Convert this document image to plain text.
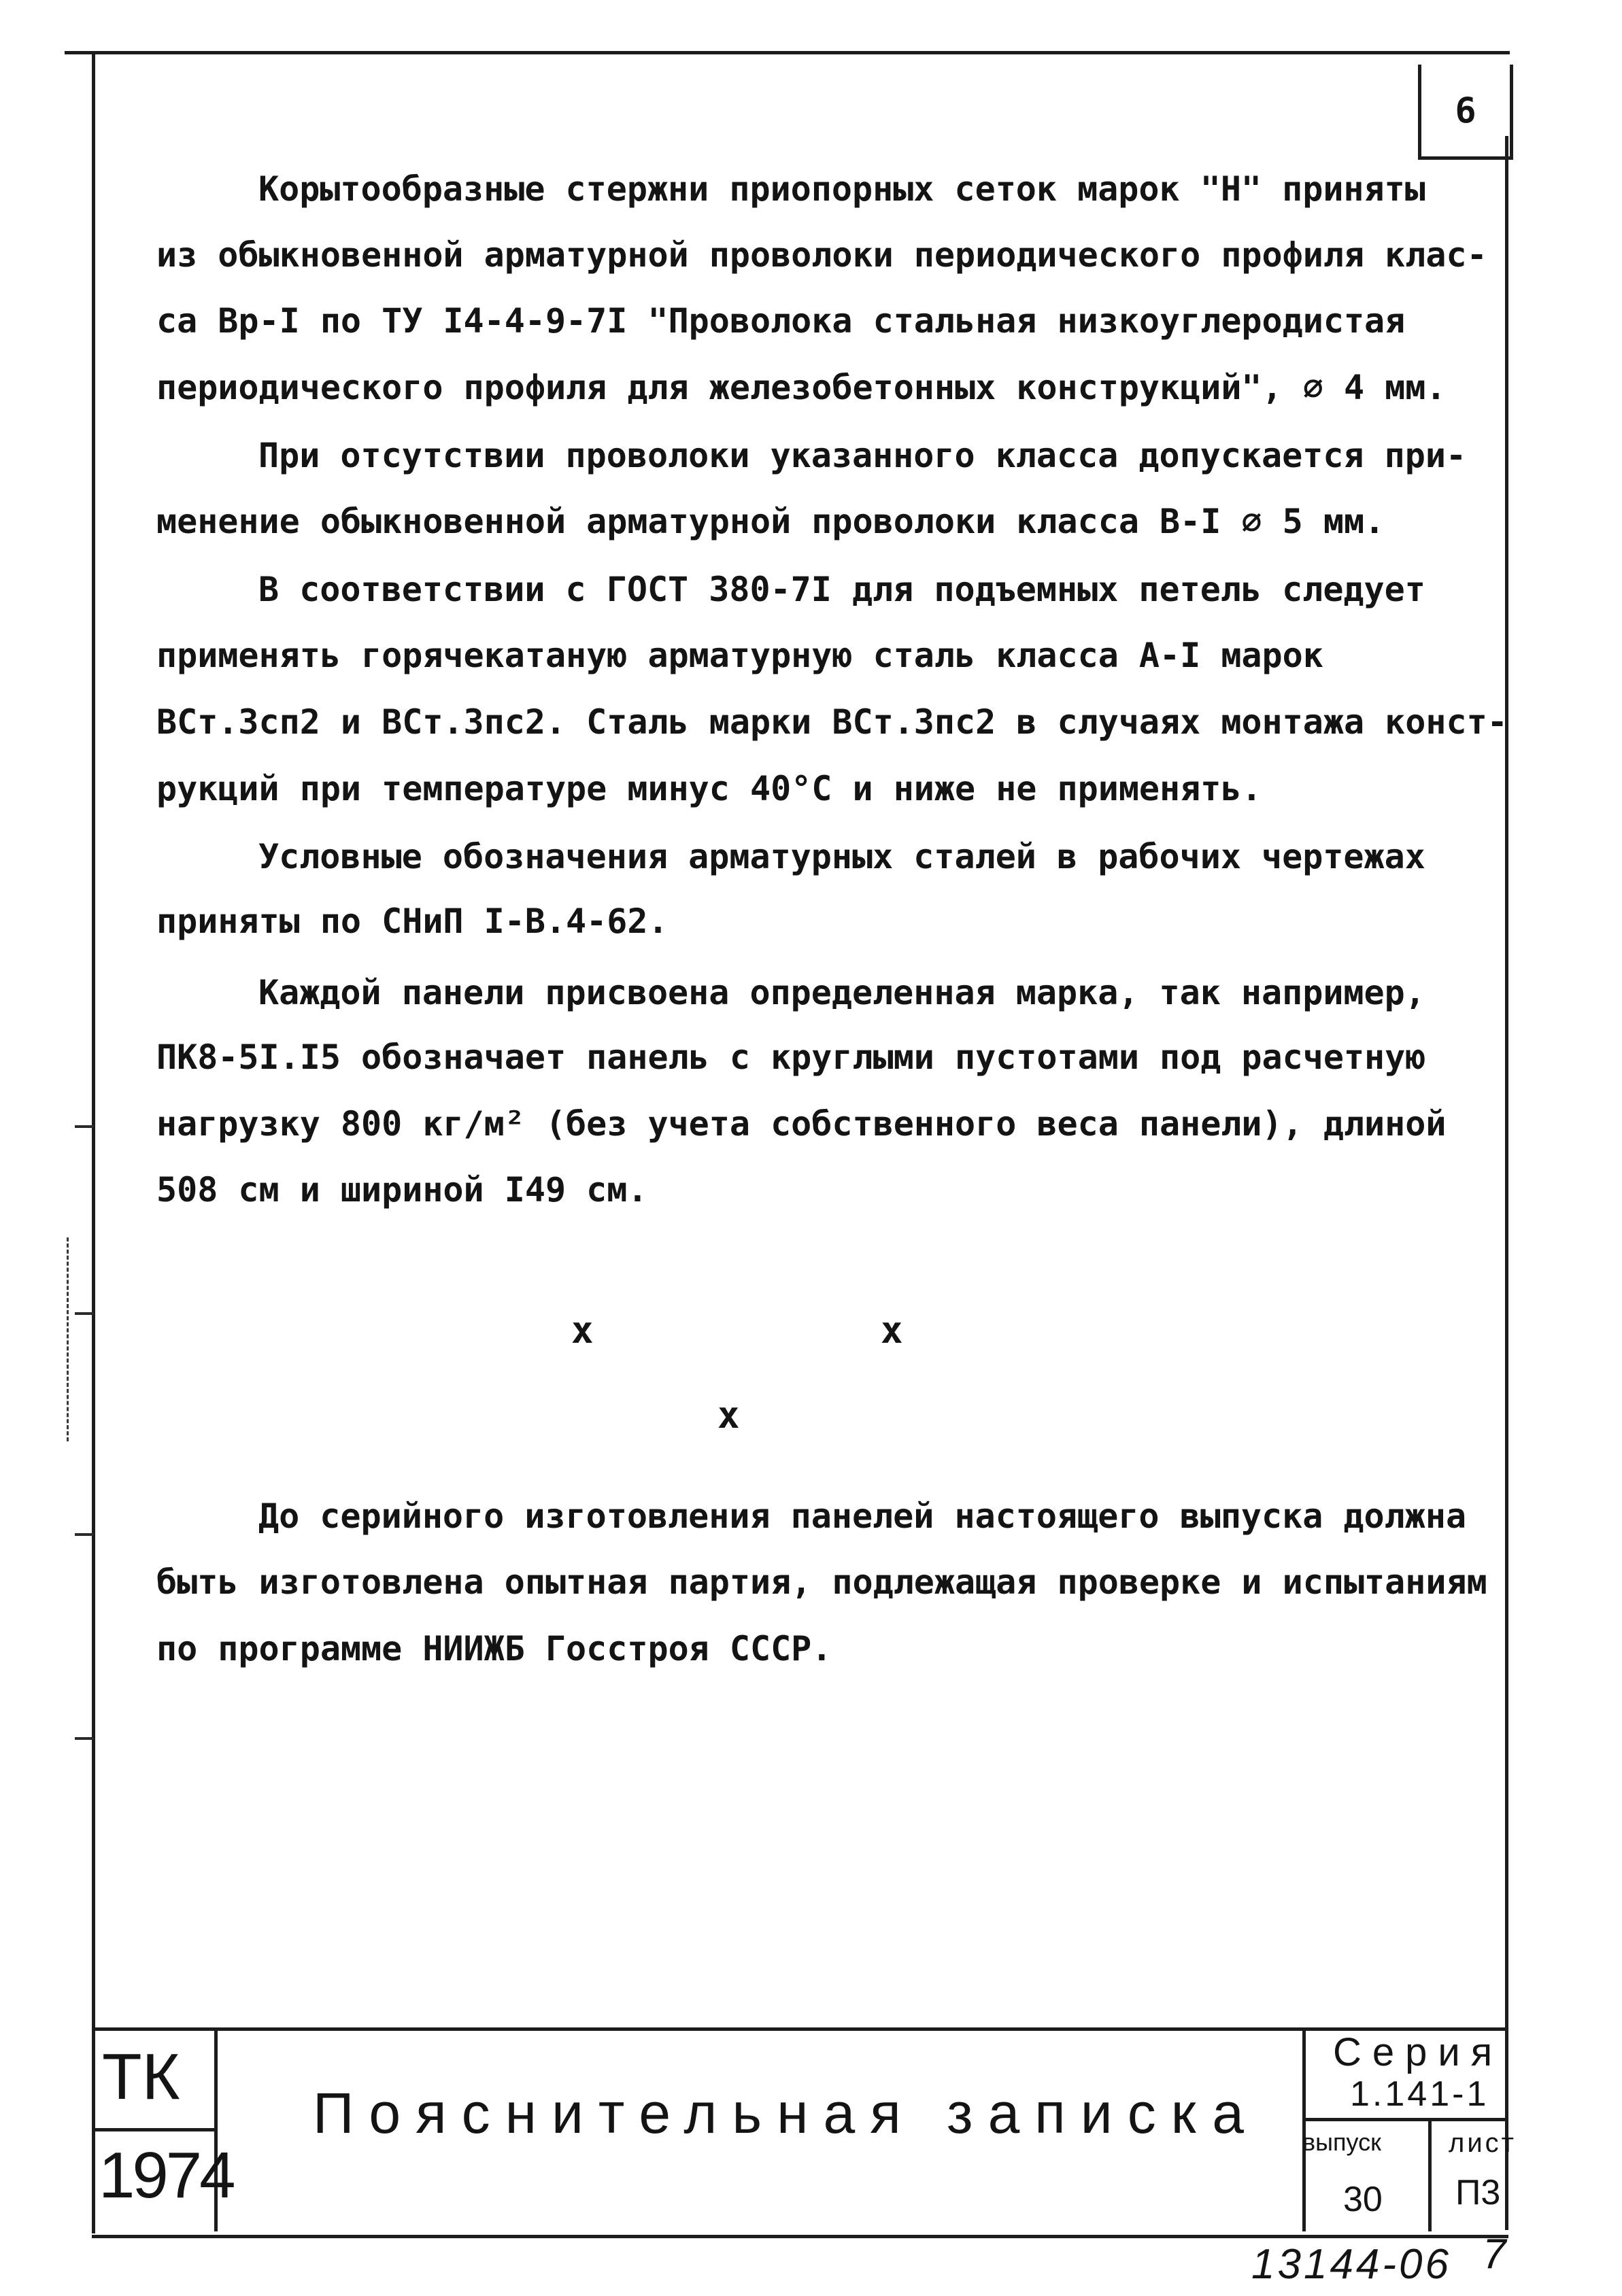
6
Корытообразные стержни приопорных сеток марок "Н" приняты
из обыкновенной арматурной проволоки периодического профиля клас-
са Вр-I по ТУ I4-4-9-7I "Проволока стальная низкоуглеродистая
периодического профиля для железобетонных конструкций", ∅ 4 мм.
При отсутствии проволоки указанного класса допускается при-
менение обыкновенной арматурной проволоки класса В-I ∅ 5 мм.
В соответствии с ГОСТ 380-7I для подъемных петель следует
применять горячекатаную арматурную сталь класса А-I марок
ВСт.3сп2 и ВСт.3пс2. Сталь марки ВСт.3пс2 в случаях монтажа конст-
рукций при температуре минус 40°С и ниже не применять.
Условные обозначения арматурных сталей в рабочих чертежах
приняты по СНиП I-В.4-62.
Каждой панели присвоена определенная марка, так например,
ПК8-5I.I5 обозначает панель с круглыми пустотами под расчетную
нагрузку 800 кг/м² (без учета собственного веса панели), длиной
508 см и шириной I49 см.
x	x
x
До серийного изготовления панелей настоящего выпуска должна
быть изготовлена опытная партия, подлежащая проверке и испытаниям
по программе НИИЖБ Госстроя СССР.
ТК
1974
Пояснительная записка
Серия
1.141-1
выпуск
30
лист
П3
13144-06 7
